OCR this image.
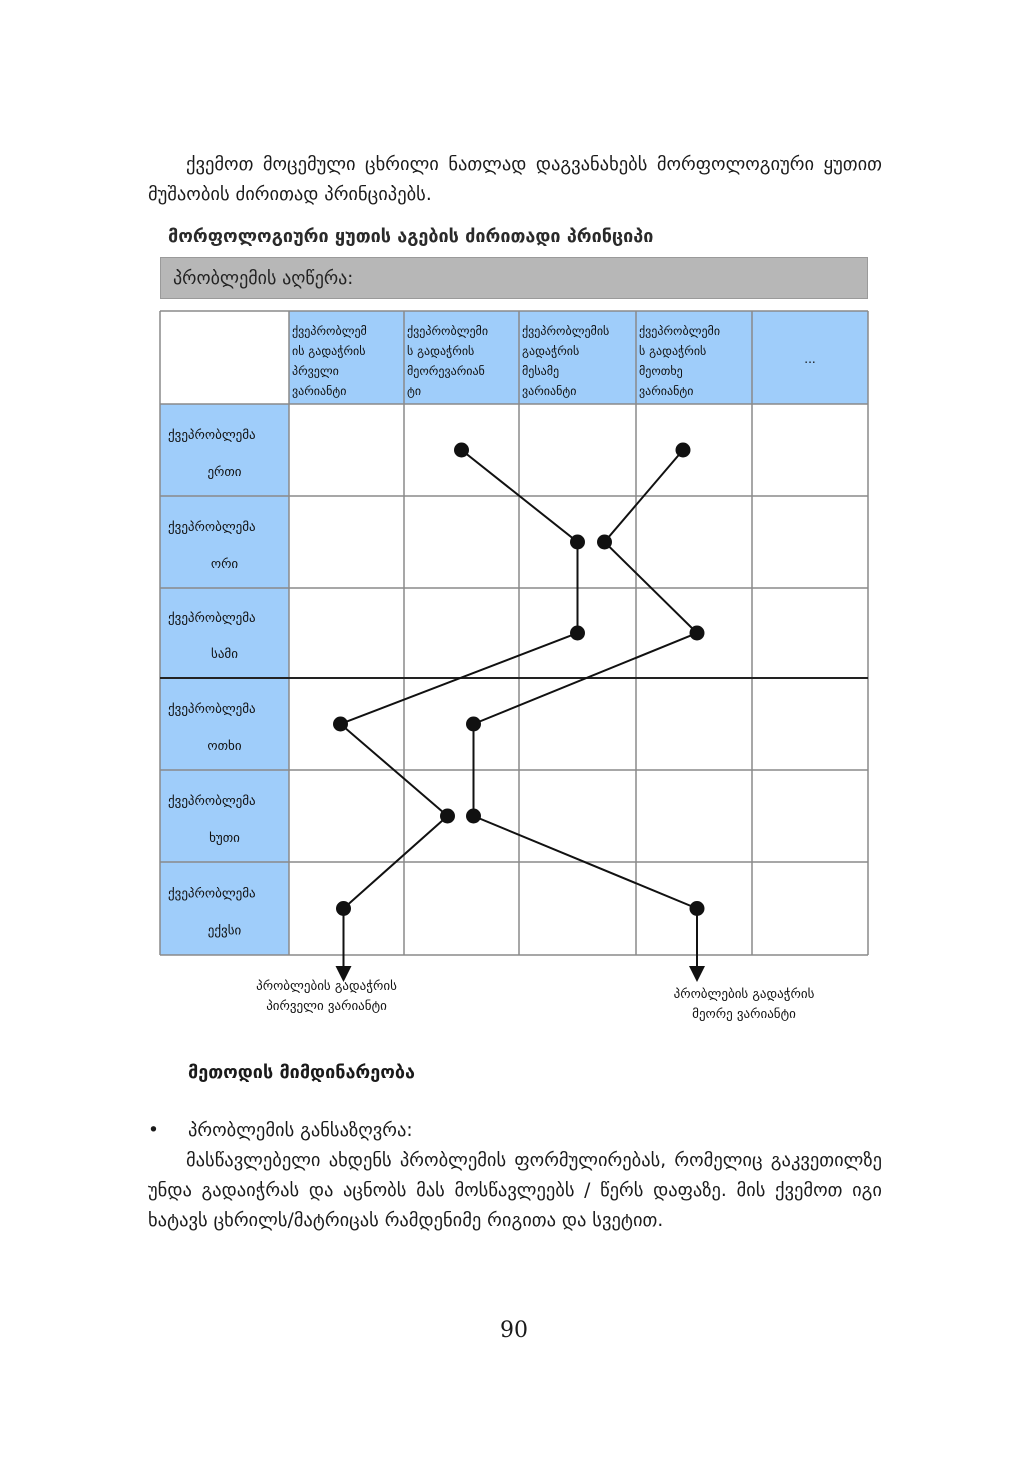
ქვემოთ მოცემული ცხრილი ნათლად დაგვანახებს მორფოლოგიური ყუთით მუშაობის ძირითად პრინციპებს.
მორფოლოგიური ყუთის აგების ძირითადი პრინციპი
პრობლემის აღწერა:
ქვეპრობლემ
ის გადაჭრის
პრველი
ვარიანტი
ქვეპრობლემი
ს გადაჭრის
მეორევარიან
ტი
ქვეპრობლემის
გადაჭრის
მესამე
ვარიანტი
ქვეპრობლემი
ს გადაჭრის
მეოთხე
ვარიანტი
...
ქვეპრობლემა
ერთი
ქვეპრობლემა
ორი
ქვეპრობლემა
სამი
ქვეპრობლემა
ოთხი
ქვეპრობლემა
ხუთი
ქვეპრობლემა
ექვსი
პრობლების გადაჭრის
პირველი ვარიანტი
პრობლების გადაჭრის
მეორე ვარიანტი
მეთოდის მიმდინარეობა
• პრობლემის განსაზღვრა:
მასწავლებელი ახდენს პრობლემის ფორმულირებას, რომელიც გაკვეთილზე უნდა გადაიჭრას და აცნობს მას მოსწავლეებს / წერს დაფაზე. მის ქვემოთ იგი ხატავს ცხრილს/მატრიცას რამდენიმე რიგითა და სვეტით.
90
